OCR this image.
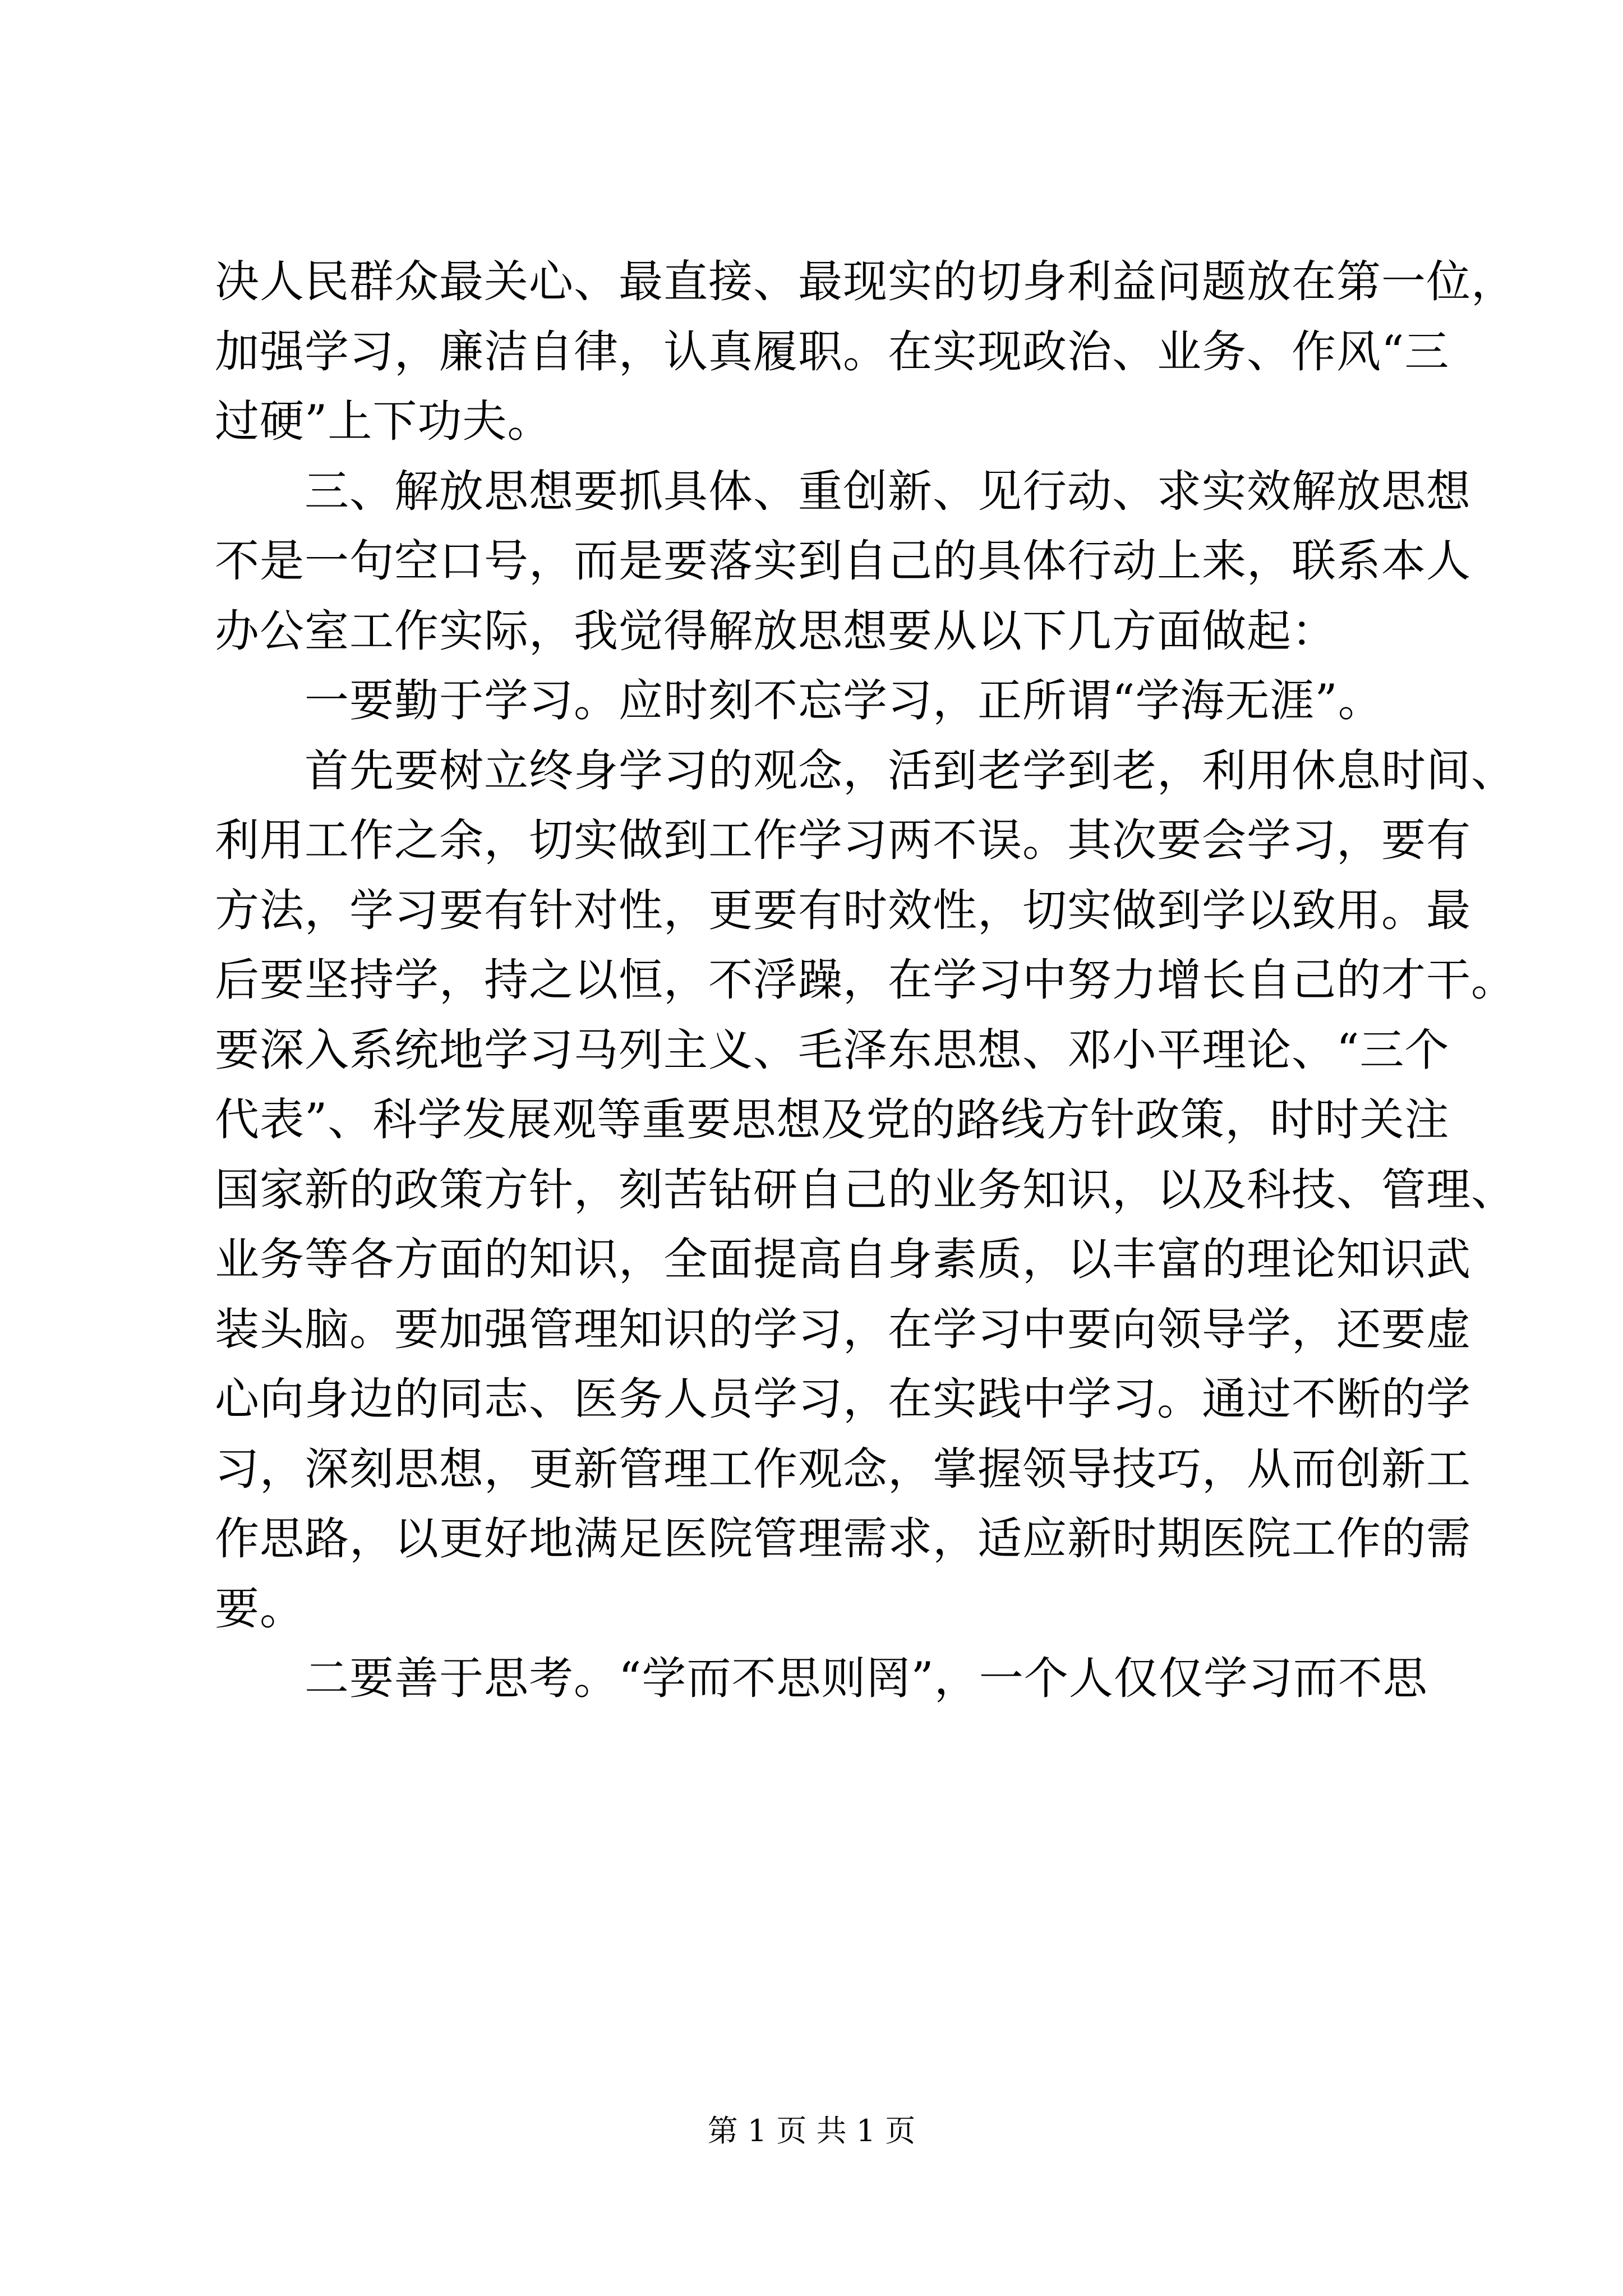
决人民群众最关心、最直接、最现实的切身利益问题放在第一位，
加强学习，廉洁自律，认真履职。在实现政治、业务、作风“三
过硬”上下功夫。
　　三、解放思想要抓具体、重创新、见行动、求实效解放思想
不是一句空口号，而是要落实到自己的具体行动上来，联系本人
办公室工作实际，我觉得解放思想要从以下几方面做起：
　　一要勤于学习。应时刻不忘学习，正所谓“学海无涯”。
　　首先要树立终身学习的观念，活到老学到老，利用休息时间、
利用工作之余，切实做到工作学习两不误。其次要会学习，要有
方法，学习要有针对性，更要有时效性，切实做到学以致用。最
后要坚持学，持之以恒，不浮躁，在学习中努力增长自己的才干。
要深入系统地学习马列主义、毛泽东思想、邓小平理论、“三个
代表”、科学发展观等重要思想及党的路线方针政策，时时关注
国家新的政策方针，刻苦钻研自己的业务知识，以及科技、管理、
业务等各方面的知识，全面提高自身素质，以丰富的理论知识武
装头脑。要加强管理知识的学习，在学习中要向领导学，还要虚
心向身边的同志、医务人员学习，在实践中学习。通过不断的学
习，深刻思想，更新管理工作观念，掌握领导技巧，从而创新工
作思路，以更好地满足医院管理需求，适应新时期医院工作的需
要。
　　二要善于思考。“学而不思则罔”，一个人仅仅学习而不思
第 1 页 共 1 页
